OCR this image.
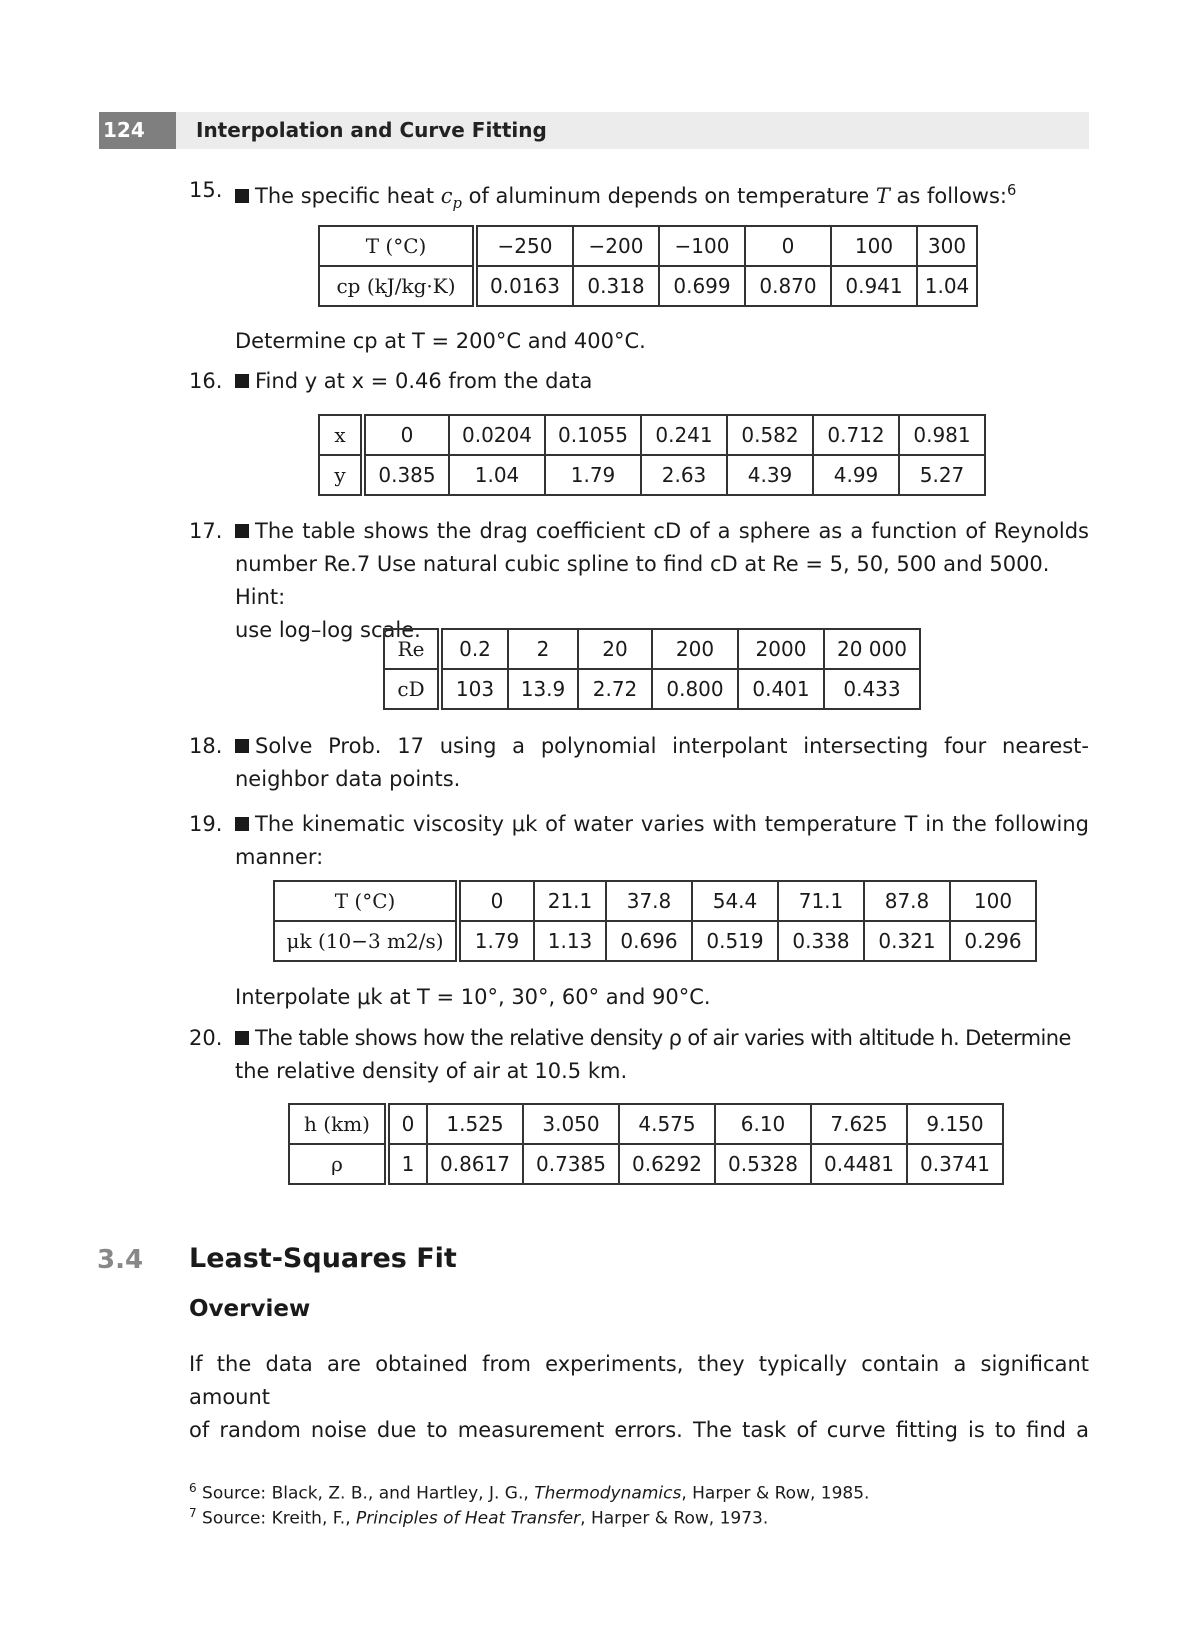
124	Interpolation and Curve Fitting
15.	The specific heat $c_p$ of aluminum depends on temperature T as follows:$^6$
T (°C)	−250	−200	−100	0	100	300
cp (kJ/kg·K)	0.0163	0.318	0.699	0.870	0.941	1.04
Determine cp at T = 200°C and 400°C.
16.	Find y at x = 0.46 from the data
x	0	0.0204	0.1055	0.241	0.582	0.712	0.981
y	0.385	1.04	1.79	2.63	4.39	4.99	5.27
17.	The table shows the drag coefficient cD of a sphere as a function of Reynolds
number Re.7 Use natural cubic spline to find cD at Re = 5, 50, 500 and 5000. Hint:
use log–log scale.
Re	0.2	2	20	200	2000	20 000
cD	103	13.9	2.72	0.800	0.401	0.433
18.	Solve Prob. 17 using a polynomial interpolant intersecting four nearest-
neighbor data points.
19.	The kinematic viscosity μk of water varies with temperature T in the following
manner:
T (°C)	0	21.1	37.8	54.4	71.1	87.8	100
μk (10−3 m2/s)	1.79	1.13	0.696	0.519	0.338	0.321	0.296
Interpolate μk at T = 10°, 30°, 60° and 90°C.
20.	The table shows how the relative density ρ of air varies with altitude h. Determine
the relative density of air at 10.5 km.
h (km)	0	1.525	3.050	4.575	6.10	7.625	9.150
ρ	1	0.8617	0.7385	0.6292	0.5328	0.4481	0.3741
3.4 Least-Squares Fit
Overview
If the data are obtained from experiments, they typically contain a significant amount
of random noise due to measurement errors. The task of curve fitting is to find a
$^6$ Source: Black, Z. B., and Hartley, J. G., Thermodynamics, Harper & Row, 1985.
$^7$ Source: Kreith, F., Principles of Heat Transfer, Harper & Row, 1973.
